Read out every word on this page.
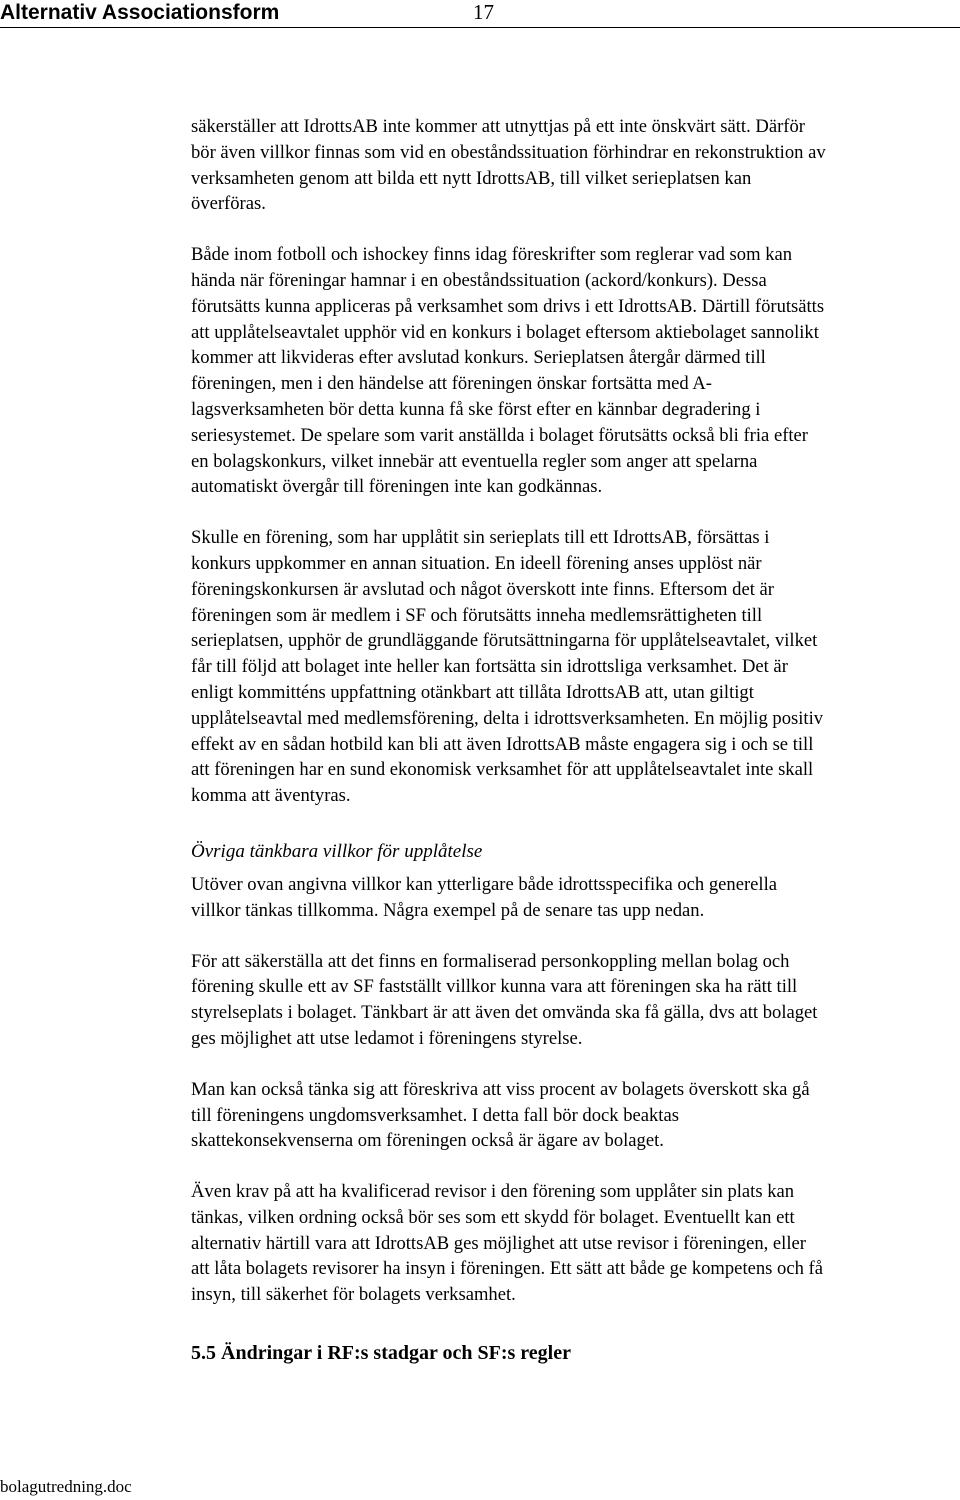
Alternativ Associationsform	17

säkerställer att IdrottsAB inte kommer att utnyttjas på ett inte önskvärt sätt. Därför
bör även villkor finnas som vid en obeståndssituation förhindrar en rekonstruktion av
verksamheten genom att bilda ett nytt IdrottsAB, till vilket serieplatsen kan
överföras.

Både inom fotboll och ishockey finns idag föreskrifter som reglerar vad som kan
hända när föreningar hamnar i en obeståndssituation (ackord/konkurs). Dessa
förutsätts kunna appliceras på verksamhet som drivs i ett IdrottsAB. Därtill förutsätts
att upplåtelseavtalet upphör vid en konkurs i bolaget eftersom aktiebolaget sannolikt
kommer att likvideras efter avslutad konkurs. Serieplatsen återgår därmed till
föreningen, men i den händelse att föreningen önskar fortsätta med A-
lagsverksamheten bör detta kunna få ske först efter en kännbar degradering i
seriesystemet. De spelare som varit anställda i bolaget förutsätts också bli fria efter
en bolagskonkurs, vilket innebär att eventuella regler som anger att spelarna
automatiskt övergår till föreningen inte kan godkännas.

Skulle en förening, som har upplåtit sin serieplats till ett IdrottsAB, försättas i
konkurs uppkommer en annan situation. En ideell förening anses upplöst när
föreningskonkursen är avslutad och något överskott inte finns. Eftersom det är
föreningen som är medlem i SF och förutsätts inneha medlemsrättigheten till
serieplatsen, upphör de grundläggande förutsättningarna för upplåtelseavtalet, vilket
får till följd att bolaget inte heller kan fortsätta sin idrottsliga verksamhet. Det är
enligt kommitténs uppfattning otänkbart att tillåta IdrottsAB att, utan giltigt
upplåtelseavtal med medlemsförening, delta i idrottsverksamheten. En möjlig positiv
effekt av en sådan hotbild kan bli att även IdrottsAB måste engagera sig i och se till
att föreningen har en sund ekonomisk verksamhet för att upplåtelseavtalet inte skall
komma att äventyras.

Övriga tänkbara villkor för upplåtelse

Utöver ovan angivna villkor kan ytterligare både idrottsspecifika och generella
villkor tänkas tillkomma. Några exempel på de senare tas upp nedan.

För att säkerställa att det finns en formaliserad personkoppling mellan bolag och
förening skulle ett av SF fastställt villkor kunna vara att föreningen ska ha rätt till
styrelseplats i bolaget. Tänkbart är att även det omvända ska få gälla, dvs att bolaget
ges möjlighet att utse ledamot i föreningens styrelse.

Man kan också tänka sig att föreskriva att viss procent av bolagets överskott ska gå
till föreningens ungdomsverksamhet. I detta fall bör dock beaktas
skattekonsekvenserna om föreningen också är ägare av bolaget.

Även krav på att ha kvalificerad revisor i den förening som upplåter sin plats kan
tänkas, vilken ordning också bör ses som ett skydd för bolaget. Eventuellt kan ett
alternativ härtill vara att IdrottsAB ges möjlighet att utse revisor i föreningen, eller
att låta bolagets revisorer ha insyn i föreningen. Ett sätt att både ge kompetens och få
insyn, till säkerhet för bolagets verksamhet.

5.5 Ändringar i RF:s stadgar och SF:s regler
bolagutredning.doc
